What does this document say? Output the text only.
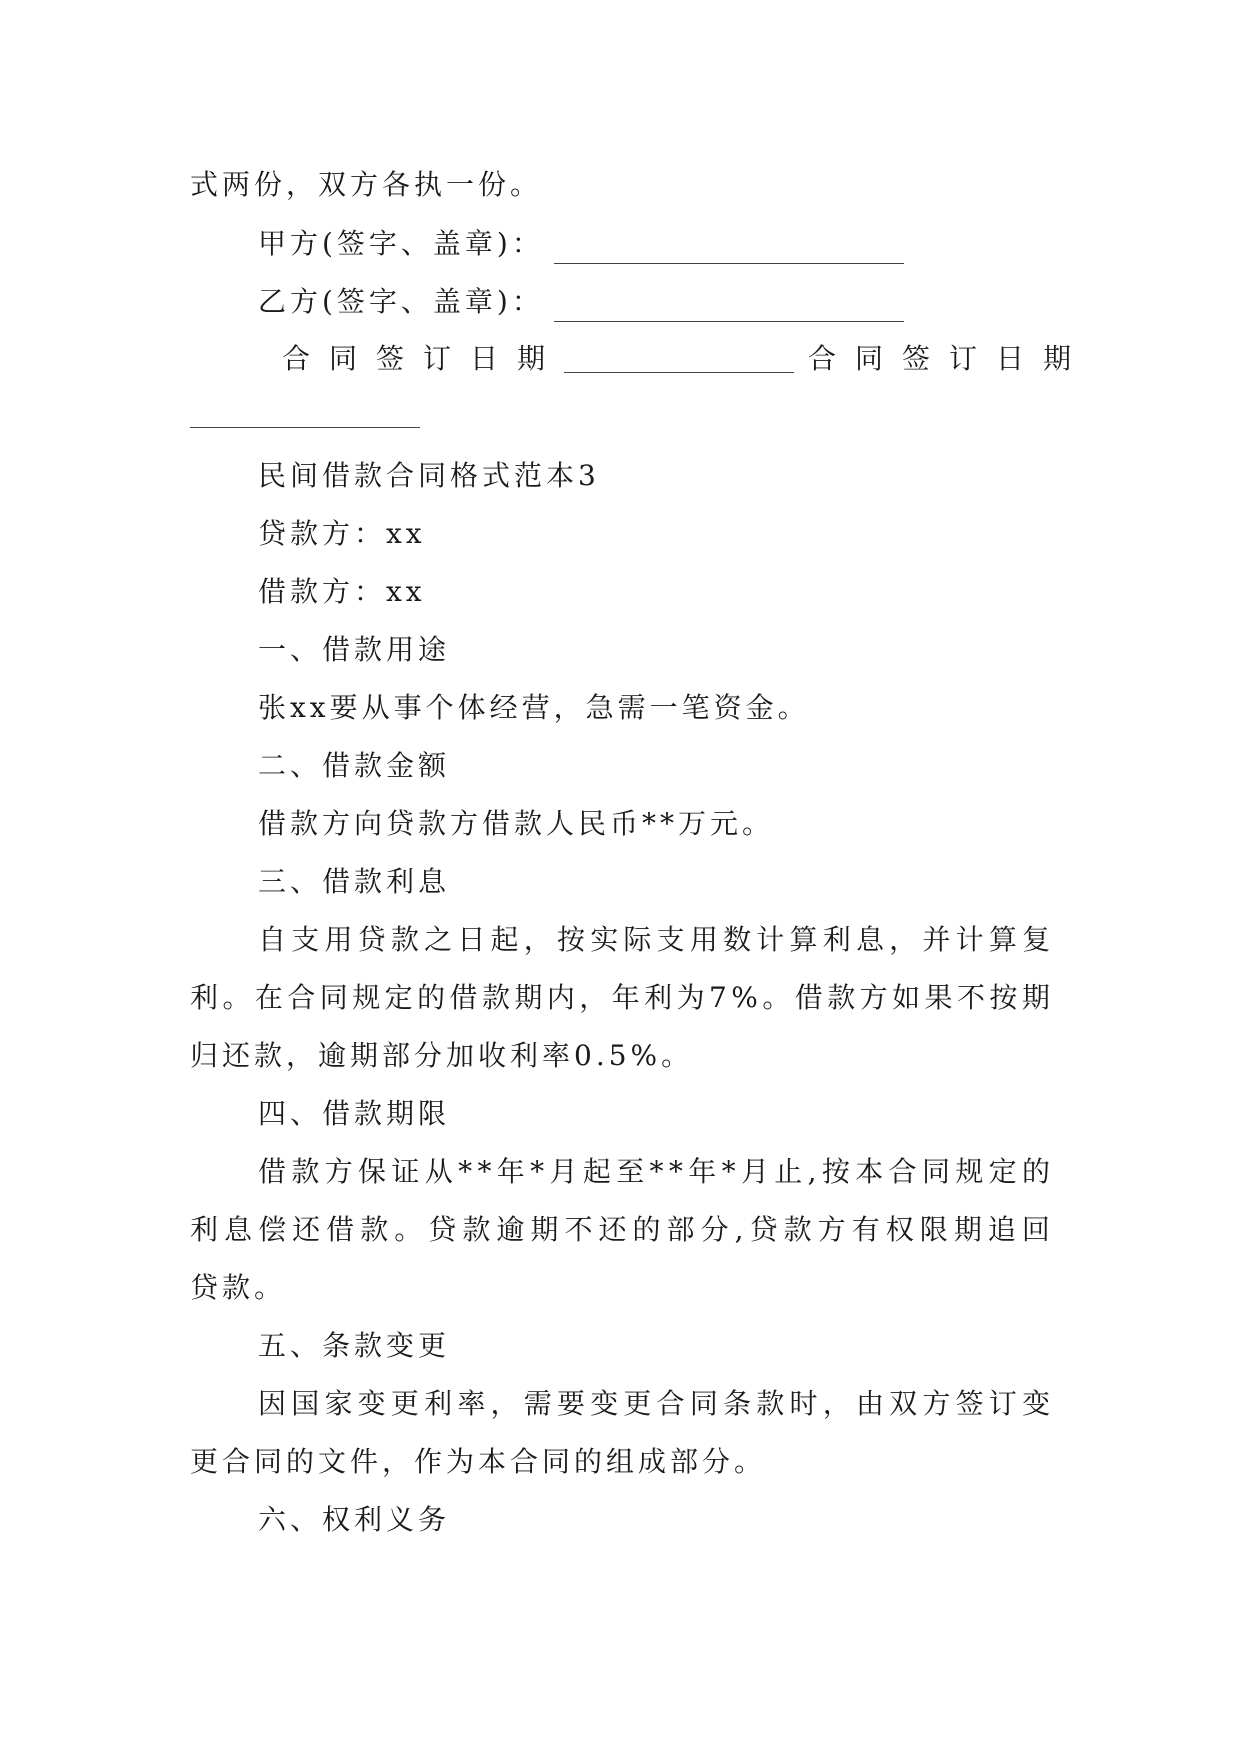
式两份，双方各执一份。
甲方(签字、盖章)：
乙方(签字、盖章)：
合同签订日期	合同签订日期
民间借款合同格式范本3
贷款方：xx
借款方：xx
一、借款用途
张xx要从事个体经营，急需一笔资金。
二、借款金额
借款方向贷款方借款人民币**万元。
三、借款利息
自支用贷款之日起，按实际支用数计算利息，并计算复
利。在合同规定的借款期内，年利为7%。借款方如果不按期
归还款，逾期部分加收利率0.5%。
四、借款期限
借款方保证从**年*月起至**年*月止,按本合同规定的
利息偿还借款。贷款逾期不还的部分,贷款方有权限期追回
贷款。
五、条款变更
因国家变更利率，需要变更合同条款时，由双方签订变
更合同的文件，作为本合同的组成部分。
六、权利义务
